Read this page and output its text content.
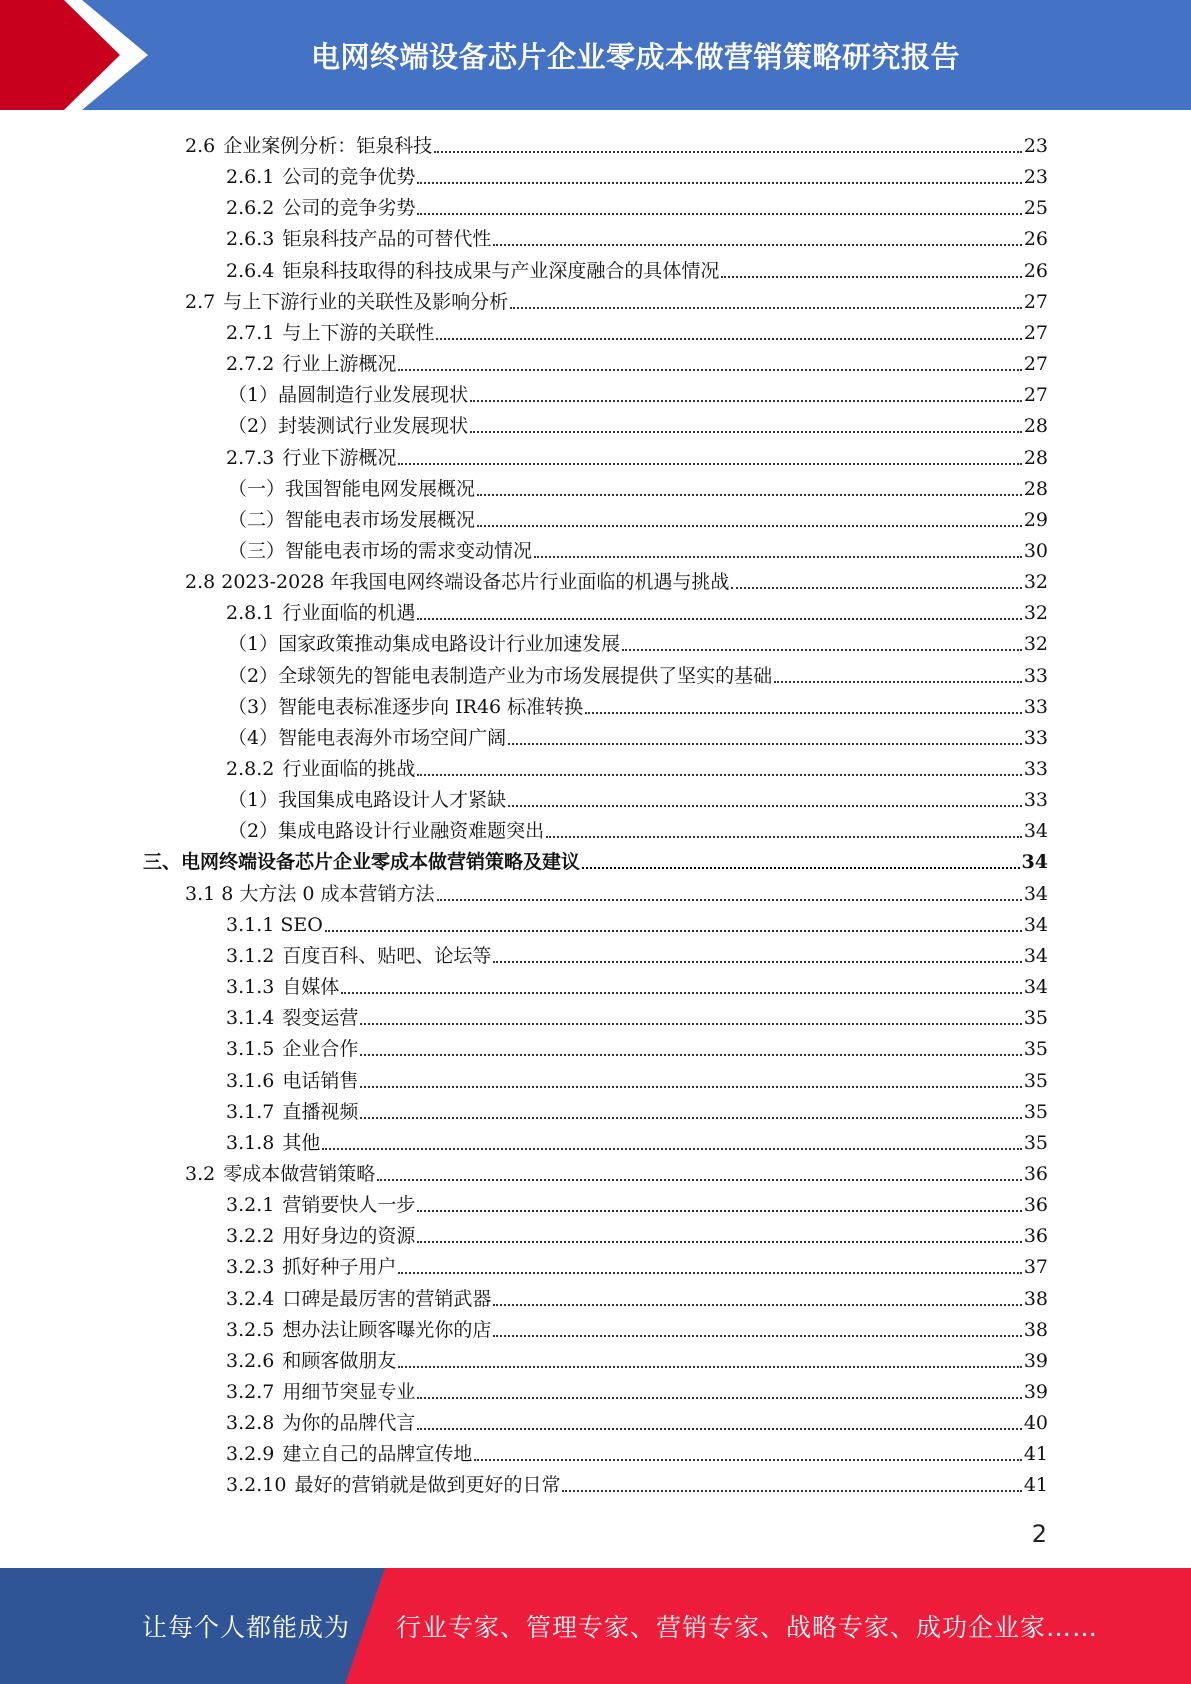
电网终端设备芯片企业零成本做营销策略研究报告
2.6 企业案例分析：钜泉科技	23
2.6.1 公司的竞争优势	23
2.6.2 公司的竞争劣势	25
2.6.3 钜泉科技产品的可替代性	26
2.6.4 钜泉科技取得的科技成果与产业深度融合的具体情况	26
2.7 与上下游行业的关联性及影响分析	27
2.7.1 与上下游的关联性	27
2.7.2 行业上游概况	27
（1）晶圆制造行业发展现状	27
（2）封装测试行业发展现状	28
2.7.3 行业下游概况	28
（一）我国智能电网发展概况	28
（二）智能电表市场发展概况	29
（三）智能电表市场的需求变动情况	30
2.8 2023-2028 年我国电网终端设备芯片行业面临的机遇与挑战	32
2.8.1 行业面临的机遇	32
（1）国家政策推动集成电路设计行业加速发展	32
（2）全球领先的智能电表制造产业为市场发展提供了坚实的基础	33
（3）智能电表标准逐步向 IR46 标准转换	33
（4）智能电表海外市场空间广阔	33
2.8.2 行业面临的挑战	33
（1）我国集成电路设计人才紧缺	33
（2）集成电路设计行业融资难题突出	34
三、电网终端设备芯片企业零成本做营销策略及建议	34
3.1 8 大方法 0 成本营销方法	34
3.1.1 SEO	34
3.1.2 百度百科、贴吧、论坛等	34
3.1.3 自媒体	34
3.1.4 裂变运营	35
3.1.5 企业合作	35
3.1.6 电话销售	35
3.1.7 直播视频	35
3.1.8 其他	35
3.2 零成本做营销策略	36
3.2.1 营销要快人一步	36
3.2.2 用好身边的资源	36
3.2.3 抓好种子用户	37
3.2.4 口碑是最厉害的营销武器	38
3.2.5 想办法让顾客曝光你的店	38
3.2.6 和顾客做朋友	39
3.2.7 用细节突显专业	39
3.2.8 为你的品牌代言	40
3.2.9 建立自己的品牌宣传地	41
3.2.10 最好的营销就是做到更好的日常	41
2
让每个人都能成为 行业专家、管理专家、营销专家、战略专家、成功企业家……
